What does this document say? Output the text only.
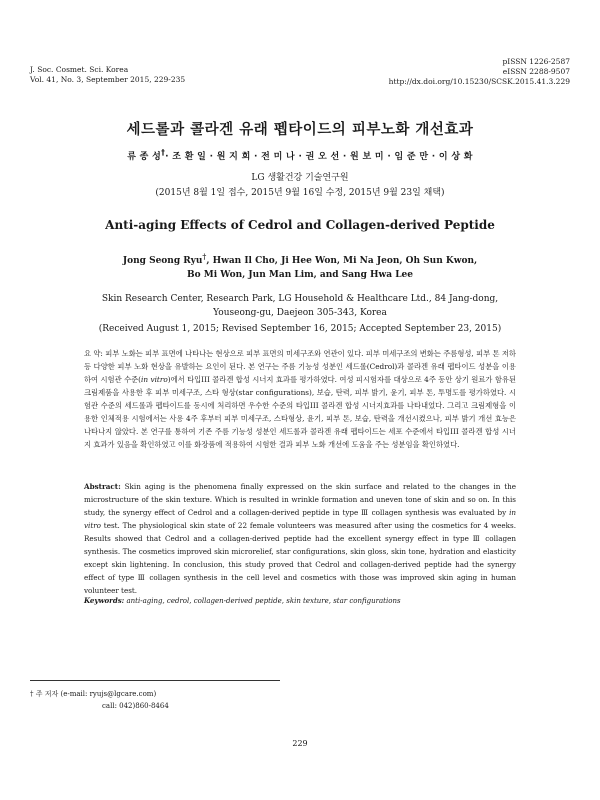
J. Soc. Cosmet. Sci. Korea
Vol. 41, No. 3, September 2015, 229-235
pISSN 1226-2587
eISSN 2288-9507
http://dx.doi.org/10.15230/SCSK.2015.41.3.229
세드롤과 콜라겐 유래 펩타이드의 피부노화 개선효과
류 종 성†· 조 환 일 · 원 지 희 · 전 미 나 · 권 오 선 · 원 보 미 · 임 준 만 · 이 상 화
LG 생활건강 기술연구원
(2015년 8월 1일 접수, 2015년 9월 16일 수정, 2015년 9월 23일 채택)
Anti-aging Effects of Cedrol and Collagen-derived Peptide
Jong Seong Ryu†, Hwan Il Cho, Ji Hee Won, Mi Na Jeon, Oh Sun Kwon,
Bo Mi Won, Jun Man Lim, and Sang Hwa Lee
Skin Research Center, Research Park, LG Household & Healthcare Ltd., 84 Jang-dong,
Youseong-gu, Daejeon 305-343, Korea
(Received August 1, 2015; Revised September 16, 2015; Accepted September 23, 2015)
요 약: 피부 노화는 피부 표면에 나타나는 현상으로 피부 표면의 미세구조와 연관이 있다. 피부 미세구조의 변화는 주름형성, 피부 톤 저하 등 다양한 피부 노화 현상을 유발하는 요인이 된다. 본 연구는 주름 기능성 성분인 세드롤(Cedrol)과 콜라겐 유래 펩타이드 성분을 이용하여 시험관 수준(in vitro)에서 타입III 콜라겐 합성 시너지 효과를 평가하였다. 여성 피시험자를 대상으로 4주 동안 상기 원료가 함유된 크림제품을 사용한 후 피부 미세구조, 스타 형상(star configurations), 보습, 탄력, 피부 밝기, 윤기, 피부 톤, 투명도를 평가하였다. 시험관 수준의 세드롤과 펩타이드를 동시에 처리하면 우수한 수준의 타입III 콜라겐 합성 시너지효과를 나타내었다. 그리고 크림제형을 이용한 인체적용 시험에서는 사용 4주 후부터 피부 미세구조, 스타형상, 윤기, 피부 톤, 보습, 탄력을 개선시켰으나, 피부 밝기 개선 효능은 나타나지 않았다. 본 연구를 통하여 기존 주름 기능성 성분인 세드롤과 콜라겐 유래 펩타이드는 세포 수준에서 타입III 콜라겐 합성 시너지 효과가 있음을 확인하였고 이를 화장품에 적용하여 시험한 결과 피부 노화 개선에 도움을 주는 성분임을 확인하였다.
Abstract: Skin aging is the phenomena finally expressed on the skin surface and related to the changes in the microstructure of the skin texture. Which is resulted in wrinkle formation and uneven tone of skin and so on. In this study, the synergy effect of Cedrol and a collagen-derived peptide in type Ⅲ collagen synthesis was evaluated by in vitro test. The physiological skin state of 22 female volunteers was measured after using the cosmetics for 4 weeks. Results showed that Cedrol and a collagen-derived peptide had the excellent synergy effect in type Ⅲ collagen synthesis. The cosmetics improved skin microrelief, star configurations, skin gloss, skin tone, hydration and elasticity except skin lightening. In conclusion, this study proved that Cedrol and collagen-derived peptide had the synergy effect of type Ⅲ collagen synthesis in the cell level and cosmetics with those was improved skin aging in human volunteer test.
Keywords: anti-aging, cedrol, collagen-derived peptide, skin texture, star configurations
† 주 저자 (e-mail: ryujs@lgcare.com)
call: 042)860-8464
229
